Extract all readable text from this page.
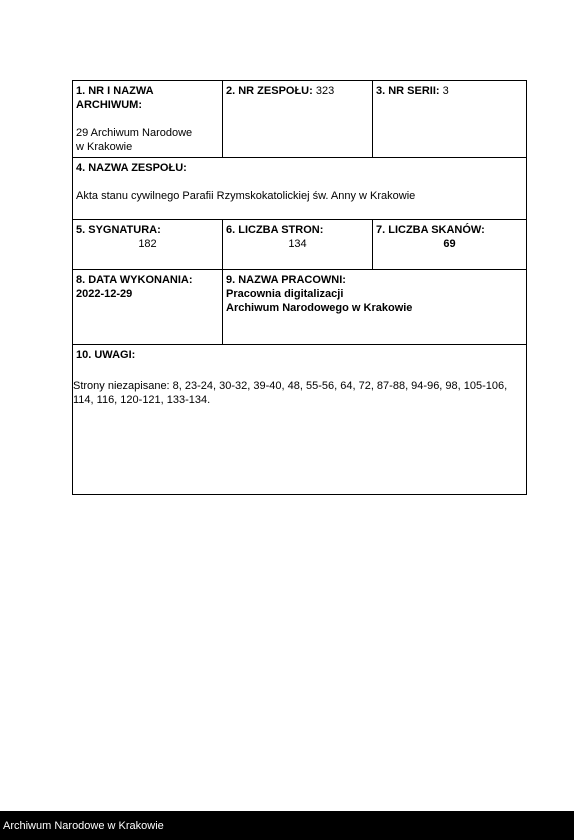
1. NR I NAZWA ARCHIWUM:

29 Archiwum Narodowe
w Krakowie	2. NR ZESPOŁU: 323	3. NR SERII: 3
4. NAZWA ZESPOŁU:

Akta stanu cywilnego Parafii Rzymskokatolickiej św. Anny w Krakowie		
5. SYGNATURA:
182	6. LICZBA STRON:
134	7. LICZBA SKANÓW:
69

8. DATA WYKONANIA:
2022-12-29	9. NAZWA PRACOWNI:
Pracownia digitalizacji
Archiwum Narodowego w Krakowie	
10. UWAGI:

Strony niezapisane: 8, 23-24, 30-32, 39-40, 48, 55-56, 64, 72, 87-88, 94-96, 98, 105-106, 114, 116, 120-121, 133-134.		
Archiwum Narodowe w Krakowie
